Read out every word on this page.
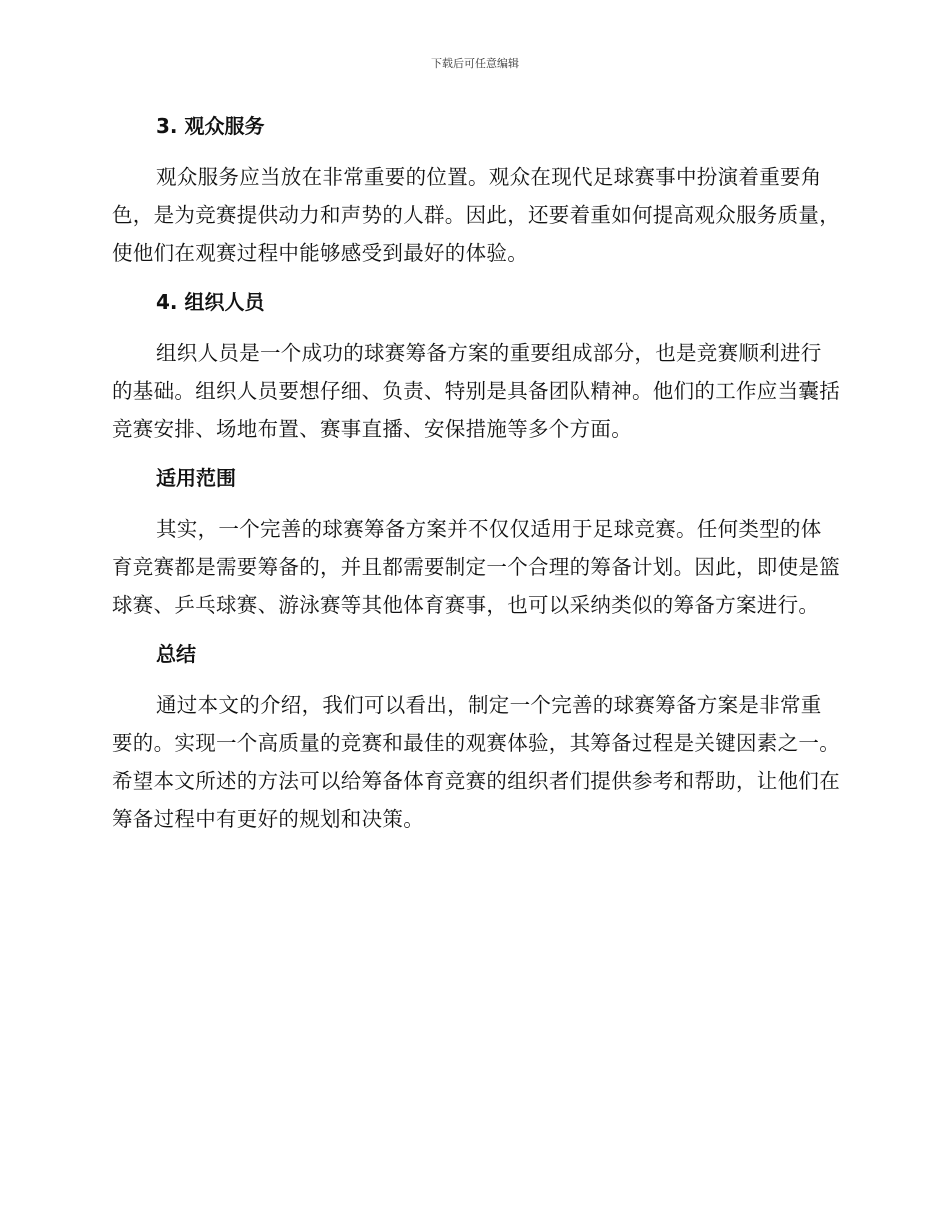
下载后可任意编辑
3. 观众服务

观众服务应当放在非常重要的位置。观众在现代足球赛事中扮演着重要角色，是为竞赛提供动力和声势的人群。因此，还要着重如何提高观众服务质量，使他们在观赛过程中能够感受到最好的体验。

4. 组织人员

组织人员是一个成功的球赛筹备方案的重要组成部分，也是竞赛顺利进行的基础。组织人员要想仔细、负责、特别是具备团队精神。他们的工作应当囊括竞赛安排、场地布置、赛事直播、安保措施等多个方面。

适用范围

其实，一个完善的球赛筹备方案并不仅仅适用于足球竞赛。任何类型的体育竞赛都是需要筹备的，并且都需要制定一个合理的筹备计划。因此，即使是篮球赛、乒乓球赛、游泳赛等其他体育赛事，也可以采纳类似的筹备方案进行。

总结

通过本文的介绍，我们可以看出，制定一个完善的球赛筹备方案是非常重要的。实现一个高质量的竞赛和最佳的观赛体验，其筹备过程是关键因素之一。希望本文所述的方法可以给筹备体育竞赛的组织者们提供参考和帮助，让他们在筹备过程中有更好的规划和决策。
